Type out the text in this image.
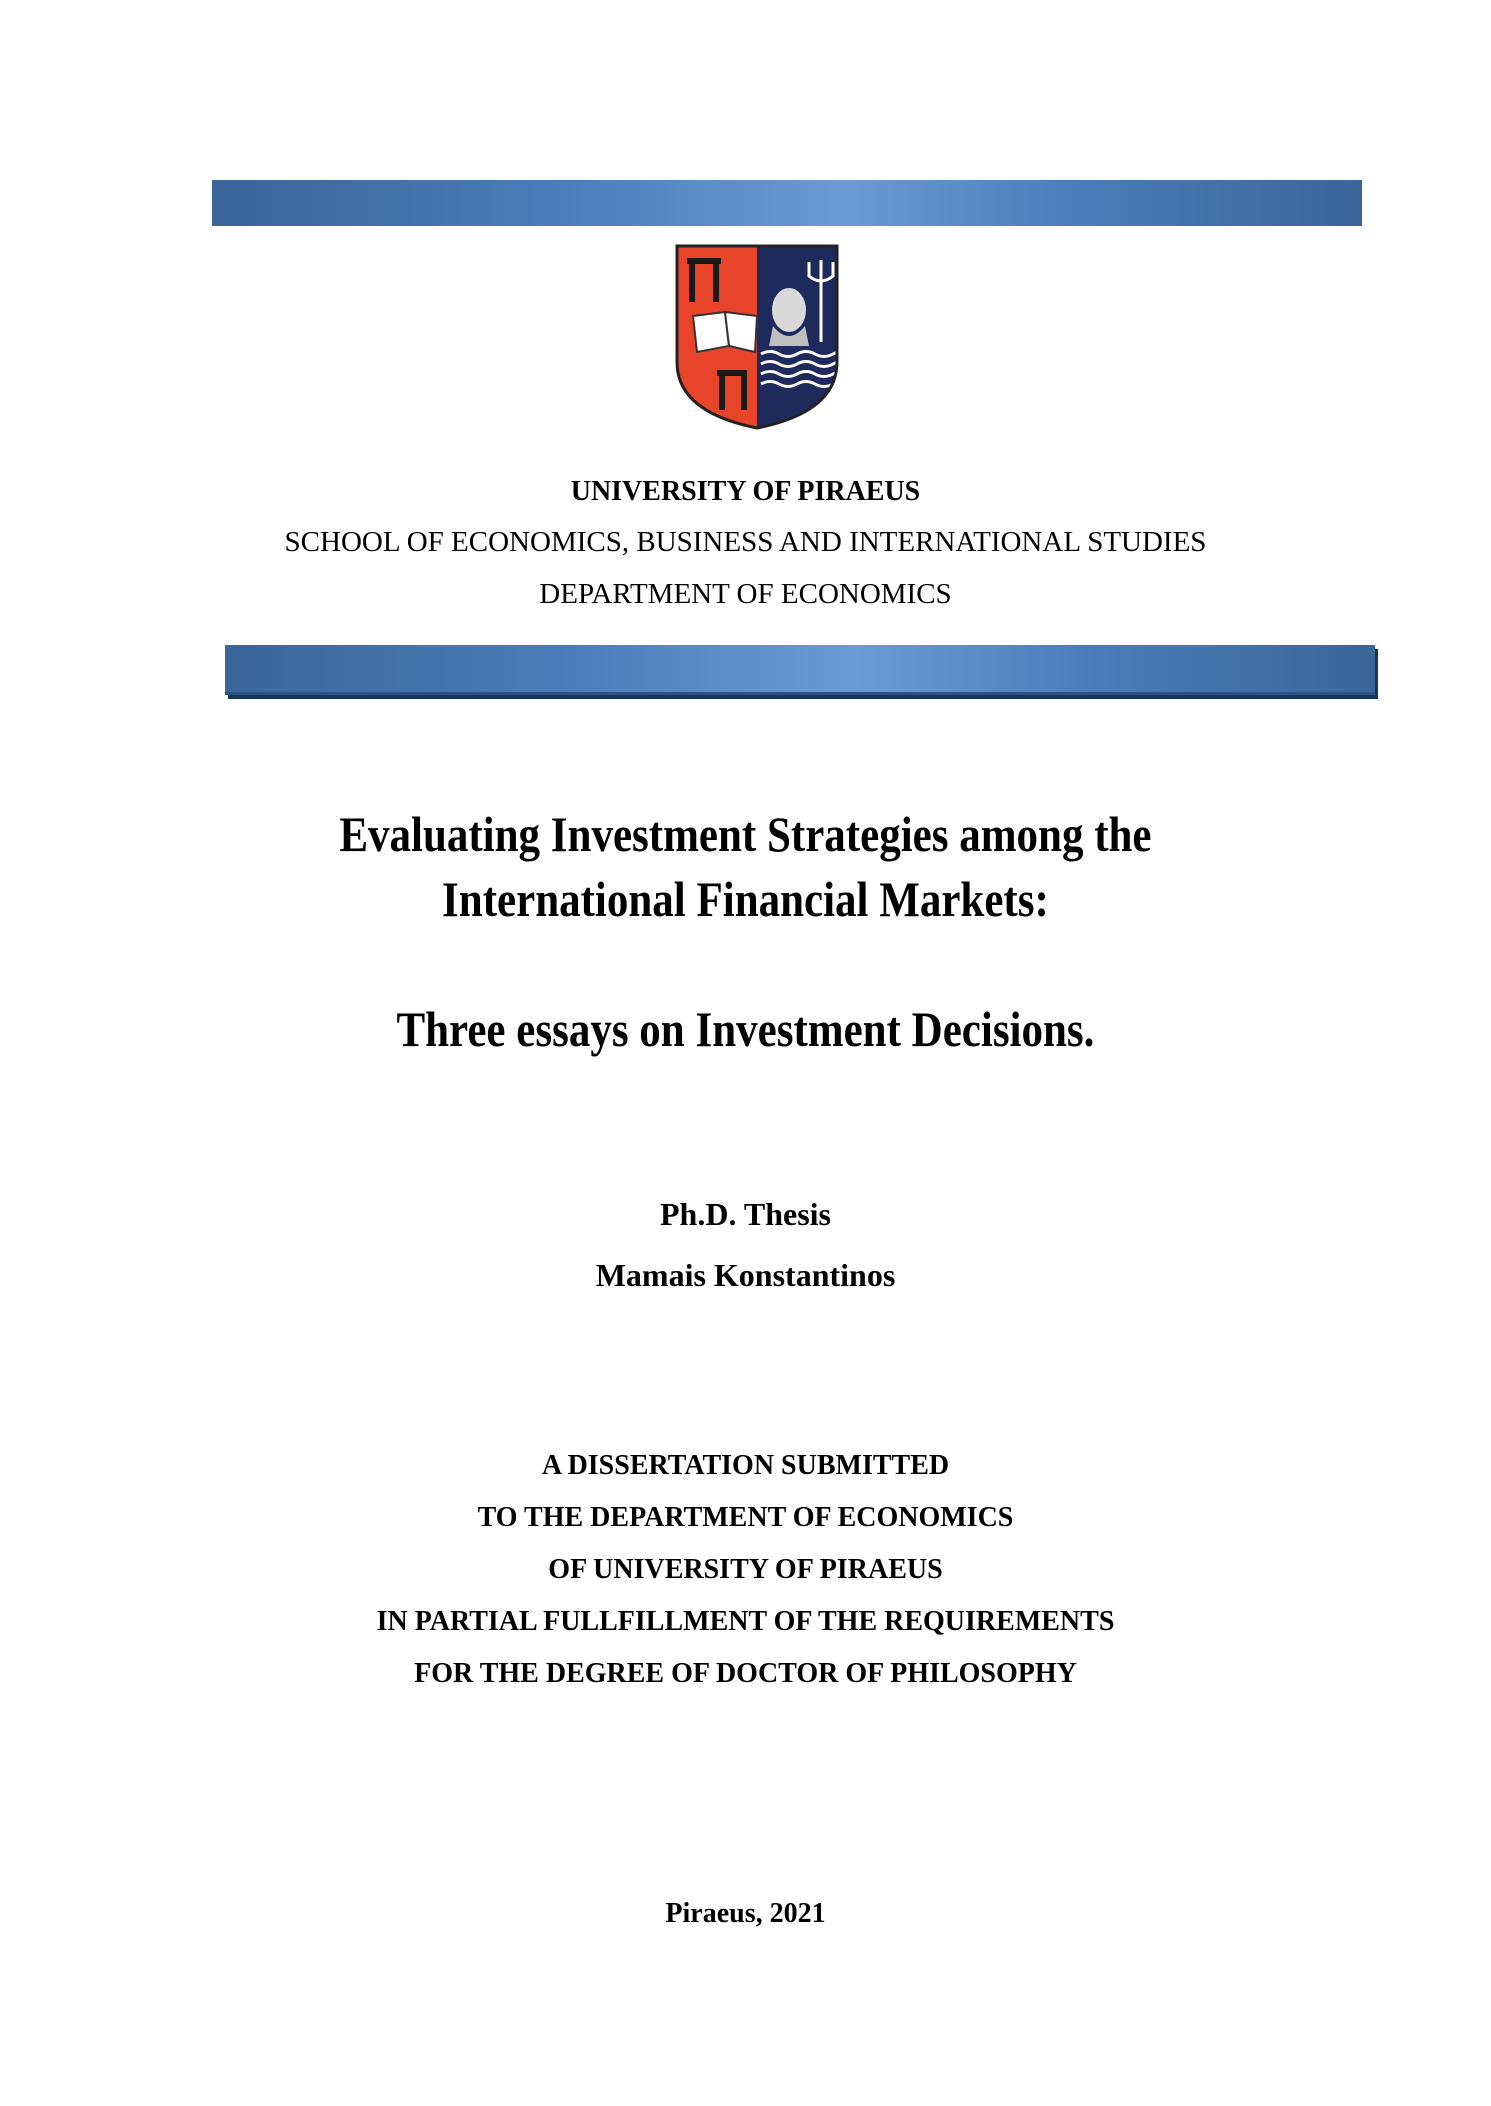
UNIVERSITY OF PIRAEUS
SCHOOL OF ECONOMICS, BUSINESS AND INTERNATIONAL STUDIES
DEPARTMENT OF ECONOMICS
Evaluating Investment Strategies among the
International Financial Markets:
Three essays on Investment Decisions.
Ph.D. Thesis
Mamais Konstantinos
A DISSERTATION SUBMITTED
TO THE DEPARTMENT OF ECONOMICS
OF UNIVERSITY OF PIRAEUS
IN PARTIAL FULLFILLMENT OF THE REQUIREMENTS
FOR THE DEGREE OF DOCTOR OF PHILOSOPHY
Piraeus, 2021
